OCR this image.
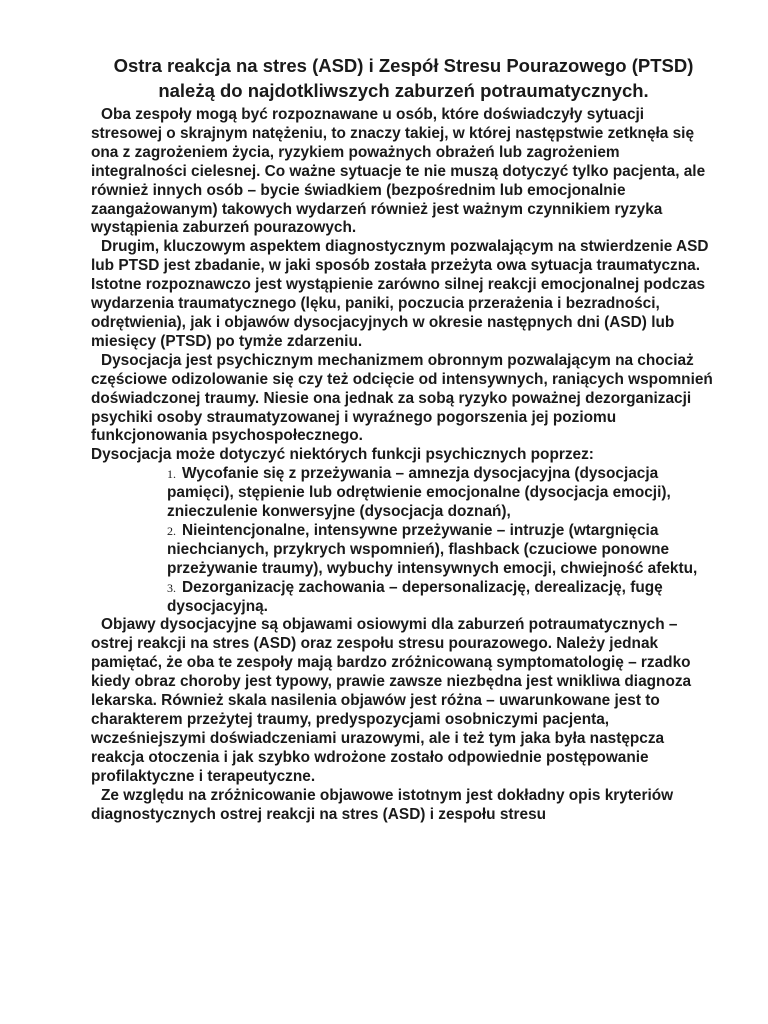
Ostra reakcja na stres (ASD) i Zespół Stresu Pourazowego (PTSD) należą do najdotkliwszych zaburzeń potraumatycznych.

Oba zespoły mogą być rozpoznawane u osób, które doświadczyły sytuacji stresowej o skrajnym natężeniu, to znaczy takiej, w której następstwie zetknęła się ona z zagrożeniem życia, ryzykiem poważnych obrażeń lub zagrożeniem integralności cielesnej. Co ważne sytuacje te nie muszą dotyczyć tylko pacjenta, ale również innych osób – bycie świadkiem (bezpośrednim lub emocjonalnie zaangażowanym) takowych wydarzeń również jest ważnym czynnikiem ryzyka wystąpienia zaburzeń pourazowych.

Drugim, kluczowym aspektem diagnostycznym pozwalającym na stwierdzenie ASD lub PTSD jest zbadanie, w jaki sposób została przeżyta owa sytuacja traumatyczna. Istotne rozpoznawczo jest wystąpienie zarówno silnej reakcji emocjonalnej podczas wydarzenia traumatycznego (lęku, paniki, poczucia przerażenia i bezradności, odrętwienia), jak i objawów dysocjacyjnych w okresie następnych dni (ASD) lub miesięcy (PTSD) po tymże zdarzeniu.

Dysocjacja jest psychicznym mechanizmem obronnym pozwalającym na chociaż częściowe odizolowanie się czy też odcięcie od intensywnych, raniących wspomnień doświadczonej traumy. Niesie ona jednak za sobą ryzyko poważnej dezorganizacji psychiki osoby straumatyzowanej i wyraźnego pogorszenia jej poziomu funkcjonowania psychospołecznego.
Dysocjacja może dotyczyć niektórych funkcji psychicznych poprzez:

1. Wycofanie się z przeżywania – amnezja dysocjacyjna (dysocjacja pamięci), stępienie lub odrętwienie emocjonalne (dysocjacja emocji), znieczulenie konwersyjne (dysocjacja doznań),
2. Nieintencjonalne, intensywne przeżywanie – intruzje (wtargnięcia niechcianych, przykrych wspomnień), flashback (czuciowe ponowne przeżywanie traumy), wybuchy intensywnych emocji, chwiejność afektu,
3. Dezorganizację zachowania – depersonalizację, derealizację, fugę dysocjacyjną.

Objawy dysocjacyjne są objawami osiowymi dla zaburzeń potraumatycznych – ostrej reakcji na stres (ASD) oraz zespołu stresu pourazowego. Należy jednak pamiętać, że oba te zespoły mają bardzo zróżnicowaną symptomatologię – rzadko kiedy obraz choroby jest typowy, prawie zawsze niezbędna jest wnikliwa diagnoza lekarska. Również skala nasilenia objawów jest różna – uwarunkowane jest to charakterem przeżytej traumy, predyspozycjami osobniczymi pacjenta, wcześniejszymi doświadczeniami urazowymi, ale i też tym jaka była następcza reakcja otoczenia i jak szybko wdrożone zostało odpowiednie postępowanie profilaktyczne i terapeutyczne.

Ze względu na zróżnicowanie objawowe istotnym jest dokładny opis kryteriów diagnostycznych ostrej reakcji na stres (ASD) i zespołu stresu
